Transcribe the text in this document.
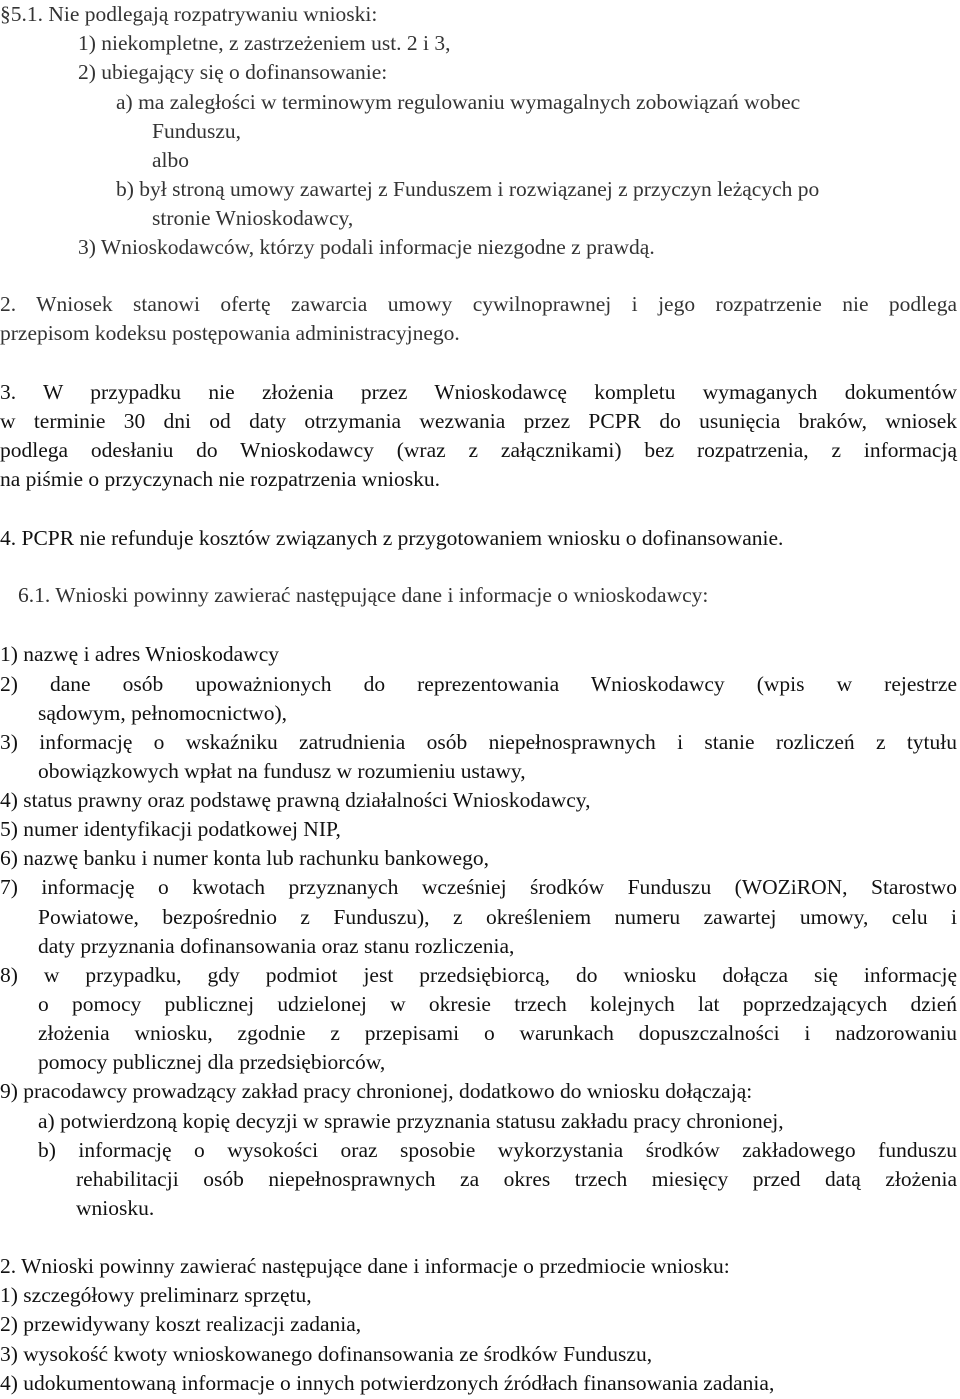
§5.1. Nie podlegają rozpatrywaniu wnioski:
1) niekompletne, z zastrzeżeniem ust. 2 i 3,
2) ubiegający się o dofinansowanie:
a) ma zaległości w terminowym regulowaniu wymagalnych zobowiązań wobec
Funduszu,
albo
b) był stroną umowy zawartej z Funduszem i rozwiązanej z przyczyn leżących po
stronie Wnioskodawcy,
3) Wnioskodawców, którzy podali informacje niezgodne z prawdą.
2. Wniosek stanowi ofertę zawarcia umowy cywilnoprawnej i jego rozpatrzenie nie podlega
przepisom kodeksu postępowania administracyjnego.
3. W przypadku nie złożenia przez Wnioskodawcę kompletu wymaganych dokumentów
w terminie 30 dni od daty otrzymania wezwania przez PCPR do usunięcia braków, wniosek
podlega odesłaniu do Wnioskodawcy (wraz z załącznikami) bez rozpatrzenia, z informacją
na piśmie o przyczynach nie rozpatrzenia wniosku.
4. PCPR nie refunduje kosztów związanych z przygotowaniem wniosku o dofinansowanie.
6.1. Wnioski powinny zawierać następujące dane i informacje o wnioskodawcy:
1) nazwę i adres Wnioskodawcy
2) dane osób upoważnionych do reprezentowania Wnioskodawcy (wpis w rejestrze
sądowym, pełnomocnictwo),
3) informację o wskaźniku zatrudnienia osób niepełnosprawnych i stanie rozliczeń z tytułu
obowiązkowych wpłat na fundusz w rozumieniu ustawy,
4) status prawny oraz podstawę prawną działalności Wnioskodawcy,
5) numer identyfikacji podatkowej NIP,
6) nazwę banku i numer konta lub rachunku bankowego,
7) informację o kwotach przyznanych wcześniej środków Funduszu (WOZiRON, Starostwo
Powiatowe, bezpośrednio z Funduszu), z określeniem numeru zawartej umowy, celu i
daty przyznania dofinansowania oraz stanu rozliczenia,
8) w przypadku, gdy podmiot jest przedsiębiorcą, do wniosku dołącza się informację
o pomocy publicznej udzielonej w okresie trzech kolejnych lat poprzedzających dzień
złożenia wniosku, zgodnie z przepisami o warunkach dopuszczalności i nadzorowaniu
pomocy publicznej dla przedsiębiorców,
9) pracodawcy prowadzący zakład pracy chronionej, dodatkowo do wniosku dołączają:
a) potwierdzoną kopię decyzji w sprawie przyznania statusu zakładu pracy chronionej,
b) informację o wysokości oraz sposobie wykorzystania środków zakładowego funduszu
rehabilitacji osób niepełnosprawnych za okres trzech miesięcy przed datą złożenia
wniosku.
2. Wnioski powinny zawierać następujące dane i informacje o przedmiocie wniosku:
1) szczegółowy preliminarz sprzętu,
2) przewidywany koszt realizacji zadania,
3) wysokość kwoty wnioskowanego dofinansowania ze środków Funduszu,
4) udokumentowaną informacje o innych potwierdzonych źródłach finansowania zadania,
